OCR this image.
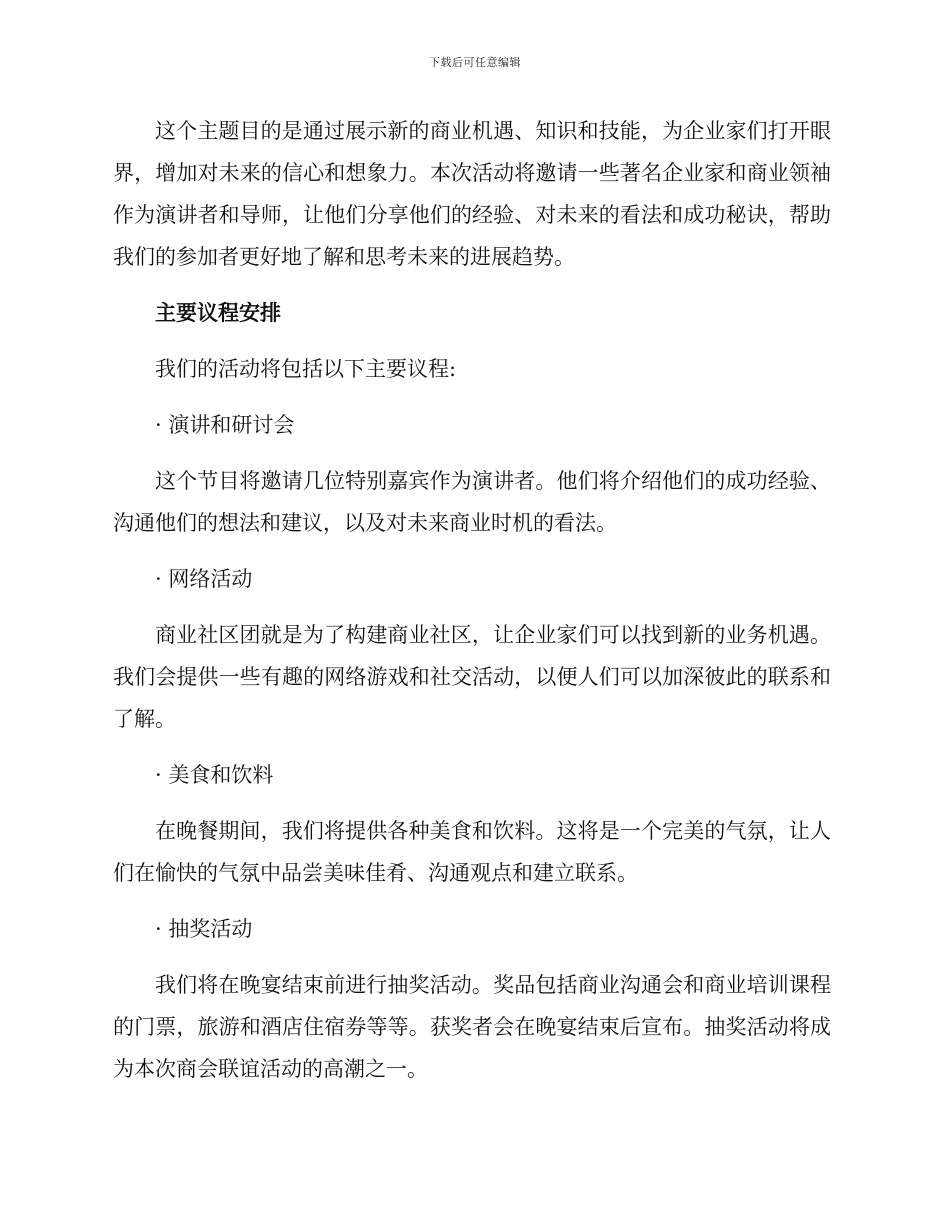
下载后可任意编辑

这个主题目的是通过展示新的商业机遇、知识和技能，为企业家们打开眼界，增加对未来的信心和想象力。本次活动将邀请一些著名企业家和商业领袖作为演讲者和导师，让他们分享他们的经验、对未来的看法和成功秘诀，帮助我们的参加者更好地了解和思考未来的进展趋势。

主要议程安排

我们的活动将包括以下主要议程:

· 演讲和研讨会

这个节目将邀请几位特别嘉宾作为演讲者。他们将介绍他们的成功经验、沟通他们的想法和建议，以及对未来商业时机的看法。

· 网络活动

商业社区团就是为了构建商业社区，让企业家们可以找到新的业务机遇。我们会提供一些有趣的网络游戏和社交活动，以便人们可以加深彼此的联系和了解。

· 美食和饮料

在晚餐期间，我们将提供各种美食和饮料。这将是一个完美的气氛，让人们在愉快的气氛中品尝美味佳肴、沟通观点和建立联系。

· 抽奖活动

我们将在晚宴结束前进行抽奖活动。奖品包括商业沟通会和商业培训课程的门票，旅游和酒店住宿券等等。获奖者会在晚宴结束后宣布。抽奖活动将成为本次商会联谊活动的高潮之一。
